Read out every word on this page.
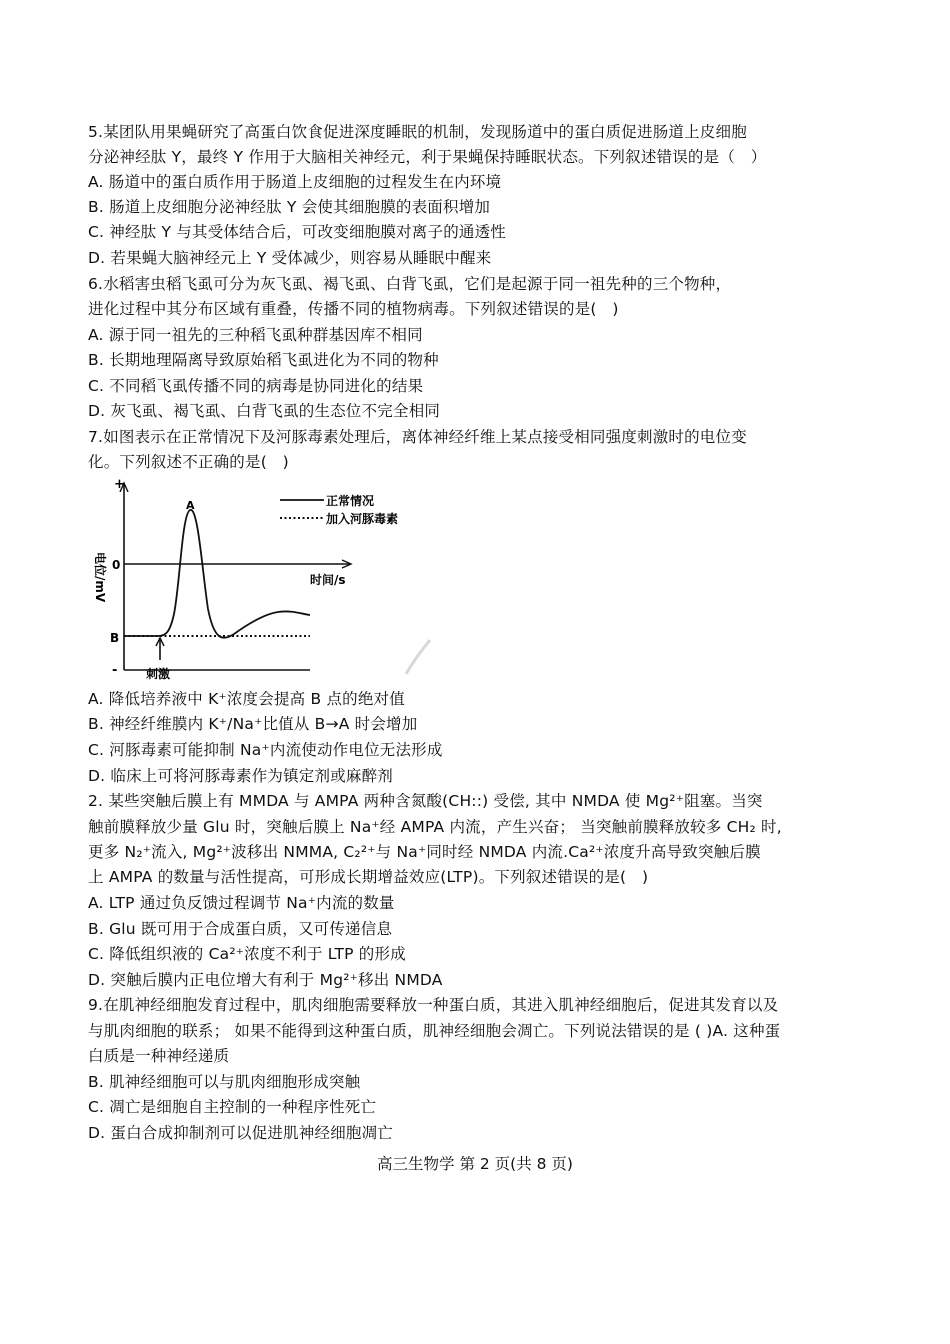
5.某团队用果蝇研究了高蛋白饮食促进深度睡眠的机制，发现肠道中的蛋白质促进肠道上皮细胞
分泌神经肽 Y，最终 Y 作用于大脑相关神经元，利于果蝇保持睡眠状态。下列叙述错误的是（　）
A. 肠道中的蛋白质作用于肠道上皮细胞的过程发生在内环境
B. 肠道上皮细胞分泌神经肽 Y 会使其细胞膜的表面积增加
C. 神经肽 Y 与其受体结合后，可改变细胞膜对离子的通透性
D. 若果蝇大脑神经元上 Y 受体减少，则容易从睡眠中醒来
6.水稻害虫稻飞虱可分为灰飞虱、褐飞虱、白背飞虱，它们是起源于同一祖先种的三个物种，
进化过程中其分布区域有重叠，传播不同的植物病毒。下列叙述错误的是(　)
A. 源于同一祖先的三种稻飞虱种群基因库不相同
B. 长期地理隔离导致原始稻飞虱进化为不同的物种
C. 不同稻飞虱传播不同的病毒是协同进化的结果
D. 灰飞虱、褐飞虱、白背飞虱的生态位不完全相同
7.如图表示在正常情况下及河豚毒素处理后，离体神经纤维上某点接受相同强度刺激时的电位变
化。下列叙述不正确的是(　)
+
0
B
-
电位/mV	时间/s
A
刺激
正常情况
加入河豚毒素
A. 降低培养液中 K⁺浓度会提高 B 点的绝对值
B. 神经纤维膜内 K⁺/Na⁺比值从 B→A 时会增加
C. 河豚毒素可能抑制 Na⁺内流使动作电位无法形成
D. 临床上可将河豚毒素作为镇定剂或麻醉剂
2. 某些突触后膜上有 MMDA 与 AMPA 两种含氮酸(CH::) 受偿, 其中 NMDA 使 Mg²⁺阻塞。当突
触前膜释放少量 Glu 时，突触后膜上 Na⁺经 AMPA 内流，产生兴奋； 当突触前膜释放较多 CH₂ 时,
更多 N₂⁺流入, Mg²⁺波移出 NMMA, C₂²⁺与 Na⁺同时经 NMDA 内流.Ca²⁺浓度升高导致突触后膜
上 AMPA 的数量与活性提高，可形成长期增益效应(LTP)。下列叙述错误的是(　)
A. LTP 通过负反馈过程调节 Na⁺内流的数量
B. Glu 既可用于合成蛋白质，又可传递信息
C. 降低组织液的 Ca²⁺浓度不利于 LTP 的形成
D. 突触后膜内正电位增大有利于 Mg²⁺移出 NMDA
9.在肌神经细胞发育过程中，肌肉细胞需要释放一种蛋白质，其进入肌神经细胞后，促进其发育以及
与肌肉细胞的联系； 如果不能得到这种蛋白质，肌神经细胞会凋亡。下列说法错误的是 ( )A. 这种蛋
白质是一种神经递质
B. 肌神经细胞可以与肌肉细胞形成突触
C. 凋亡是细胞自主控制的一种程序性死亡
D. 蛋白合成抑制剂可以促进肌神经细胞凋亡
高三生物学 第 2 页(共 8 页)
